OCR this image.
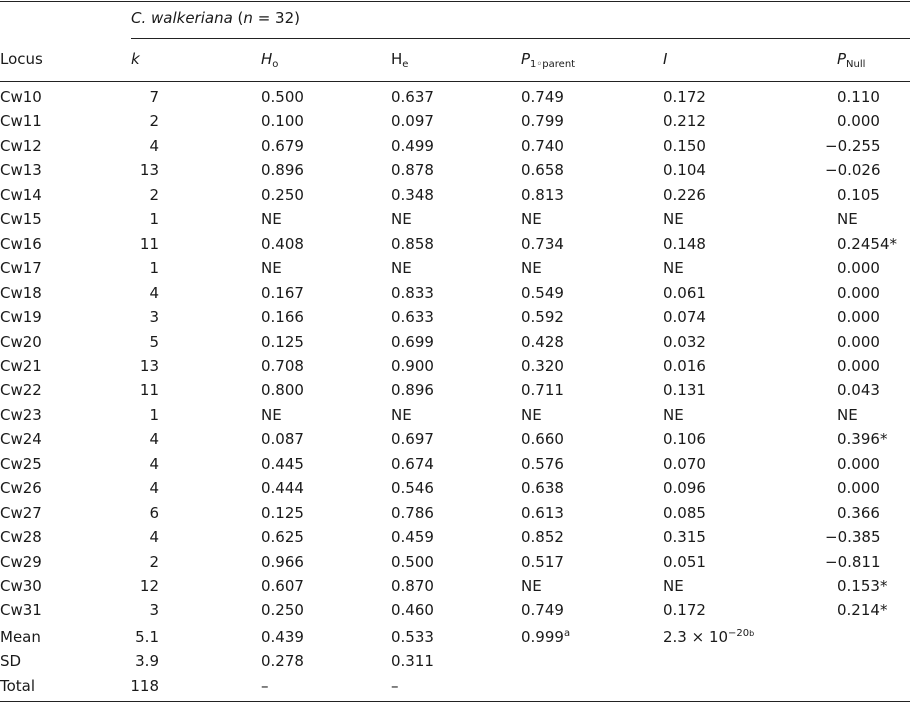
C. walkeriana (n = 32)
Locus	k	$H_o$	$H_e$	$P_{1◦parent}$	I	$P_{Null}$
Cw10	7	0.500	0.637	0.749	0.172	0.110
Cw11	2	0.100	0.097	0.799	0.212	0.000
Cw12	4	0.679	0.499	0.740	0.150	−0.255
Cw13	13	0.896	0.878	0.658	0.104	−0.026
Cw14	2	0.250	0.348	0.813	0.226	0.105
Cw15	1	NE	NE	NE	NE	NE
Cw16	11	0.408	0.858	0.734	0.148	0.2454*
Cw17	1	NE	NE	NE	NE	0.000
Cw18	4	0.167	0.833	0.549	0.061	0.000
Cw19	3	0.166	0.633	0.592	0.074	0.000
Cw20	5	0.125	0.699	0.428	0.032	0.000
Cw21	13	0.708	0.900	0.320	0.016	0.000
Cw22	11	0.800	0.896	0.711	0.131	0.043
Cw23	1	NE	NE	NE	NE	NE
Cw24	4	0.087	0.697	0.660	0.106	0.396*
Cw25	4	0.445	0.674	0.576	0.070	0.000
Cw26	4	0.444	0.546	0.638	0.096	0.000
Cw27	6	0.125	0.786	0.613	0.085	0.366
Cw28	4	0.625	0.459	0.852	0.315	−0.385
Cw29	2	0.966	0.500	0.517	0.051	−0.811
Cw30	12	0.607	0.870	NE	NE	0.153*
Cw31	3	0.250	0.460	0.749	0.172	0.214*
Mean	5.1	0.439	0.533	0.999$^a$	$2.3 \times 10^{-20b}$
SD	3.9	0.278	0.311
Total	118	–	–
